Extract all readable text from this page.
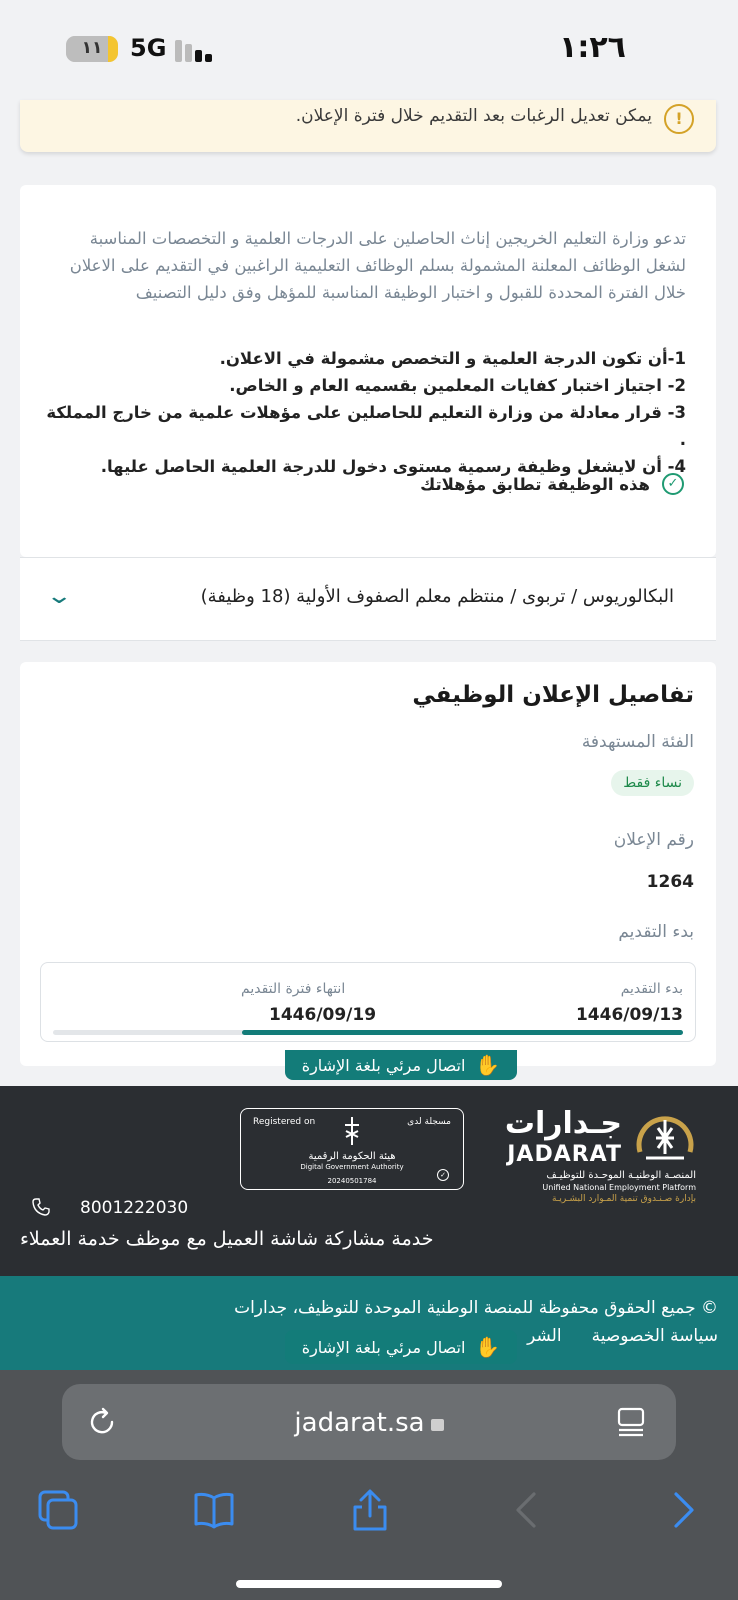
١١	5G	١:٢٦
!
يمكن تعديل الرغبات بعد التقديم خلال فترة الإعلان.
تدعو وزارة التعليم الخريجين إناث الحاصلين على الدرجات العلمية و التخصصات المناسبة لشغل الوظائف المعلنة المشمولة بسلم الوظائف التعليمية الراغبين في التقديم على الاعلان خلال الفترة المحددة للقبول و اختبار الوظيفة المناسبة للمؤهل وفق دليل التصنيف
1-أن تكون الدرجة العلمية و التخصص مشمولة في الاعلان.
2- اجتياز اختبار كفايات المعلمين بقسميه العام و الخاص.
3- قرار معادلة من وزارة التعليم للحاصلين على مؤهلات علمية من خارج المملكة .
4- أن لايشغل وظيفة رسمية مستوى دخول للدرجة العلمية الحاصل عليها.
✓
هذه الوظيفة تطابق مؤهلاتك
البكالوريوس / تربوى / منتظم معلم الصفوف الأولية (18 وظيفة)
⌄
تفاصيل الإعلان الوظيفي
الفئة المستهدفة
نساء فقط
رقم الإعلان
1264
بدء التقديم
بدء التقديم
1446/09/13
انتهاء فترة التقديم
1446/09/19
✋
اتصال مرئي بلغة الإشارة
جـدارات
JADARAT
المنصـة الوطنيـة الموحـدة للتوظيـف
Unified National Employment Platform
بإدارة صـنـدوق تنمية المـوارد البشـريـة
Registered on	مسجلة لدى
هيئة الحكومة الرقمية
Digital Government Authority
20240501784
✓
8001222030
خدمة مشاركة شاشة العميل مع موظف خدمة العملاء
© جميع الحقوق محفوظة للمنصة الوطنية الموحدة للتوظيف، جدارات
سياسة الخصوصية
الشر
✋
اتصال مرئي بلغة الإشارة
jadarat.sa
